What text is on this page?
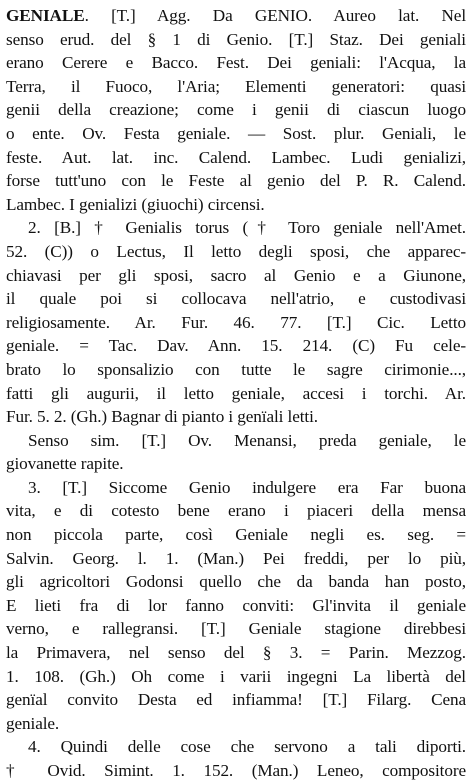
GENIALE. [T.] Agg. Da GENIO. Aureo lat. Nel
senso erud. del § 1 di Genio. [T.] Staz. Dei geniali
erano Cerere e Bacco. Fest. Dei geniali: l'Acqua, la
Terra, il Fuoco, l'Aria; Elementi generatori: quasi
genii della creazione; come i genii di ciascun luogo
o ente. Ov. Festa geniale. — Sost. plur. Geniali, le
feste. Aut. lat. inc. Calend. Lambec. Ludi genializi,
forse tutt'uno con le Feste al genio del P. R. Calend.
Lambec. I genializi (giuochi) circensi.
2. [B.] † Genialis torus († Toro geniale nell'Amet.
52. (C)) o Lectus, Il letto degli sposi, che apparec-
chiavasi per gli sposi, sacro al Genio e a Giunone,
il quale poi si collocava nell'atrio, e custodivasi
religiosamente. Ar. Fur. 46. 77. [T.] Cic. Letto
geniale. = Tac. Dav. Ann. 15. 214. (C) Fu cele-
brato lo sponsalizio con tutte le sagre cirimonie...,
fatti gli augurii, il letto geniale, accesi i torchi. Ar.
Fur. 5. 2. (Gh.) Bagnar di pianto i genïali letti.
Senso sim. [T.] Ov. Menansi, preda geniale, le
giovanette rapite.
3. [T.] Siccome Genio indulgere era Far buona
vita, e di cotesto bene erano i piaceri della mensa
non piccola parte, così Geniale negli es. seg. =
Salvin. Georg. l. 1. (Man.) Pei freddi, per lo più,
gli agricoltori Godonsi quello che da banda han posto,
E lieti fra di lor fanno conviti: Gl'invita il geniale
verno, e rallegransi. [T.] Geniale stagione direbbesi
la Primavera, nel senso del § 3. = Parin. Mezzog.
1. 108. (Gh.) Oh come i varii ingegni La libertà del
genïal convito Desta ed infiamma! [T.] Filarg. Cena
geniale.
4. Quindi delle cose che servono a tali diporti.
† Ovid. Simint. 1. 152. (Man.) Leneo, compositore
